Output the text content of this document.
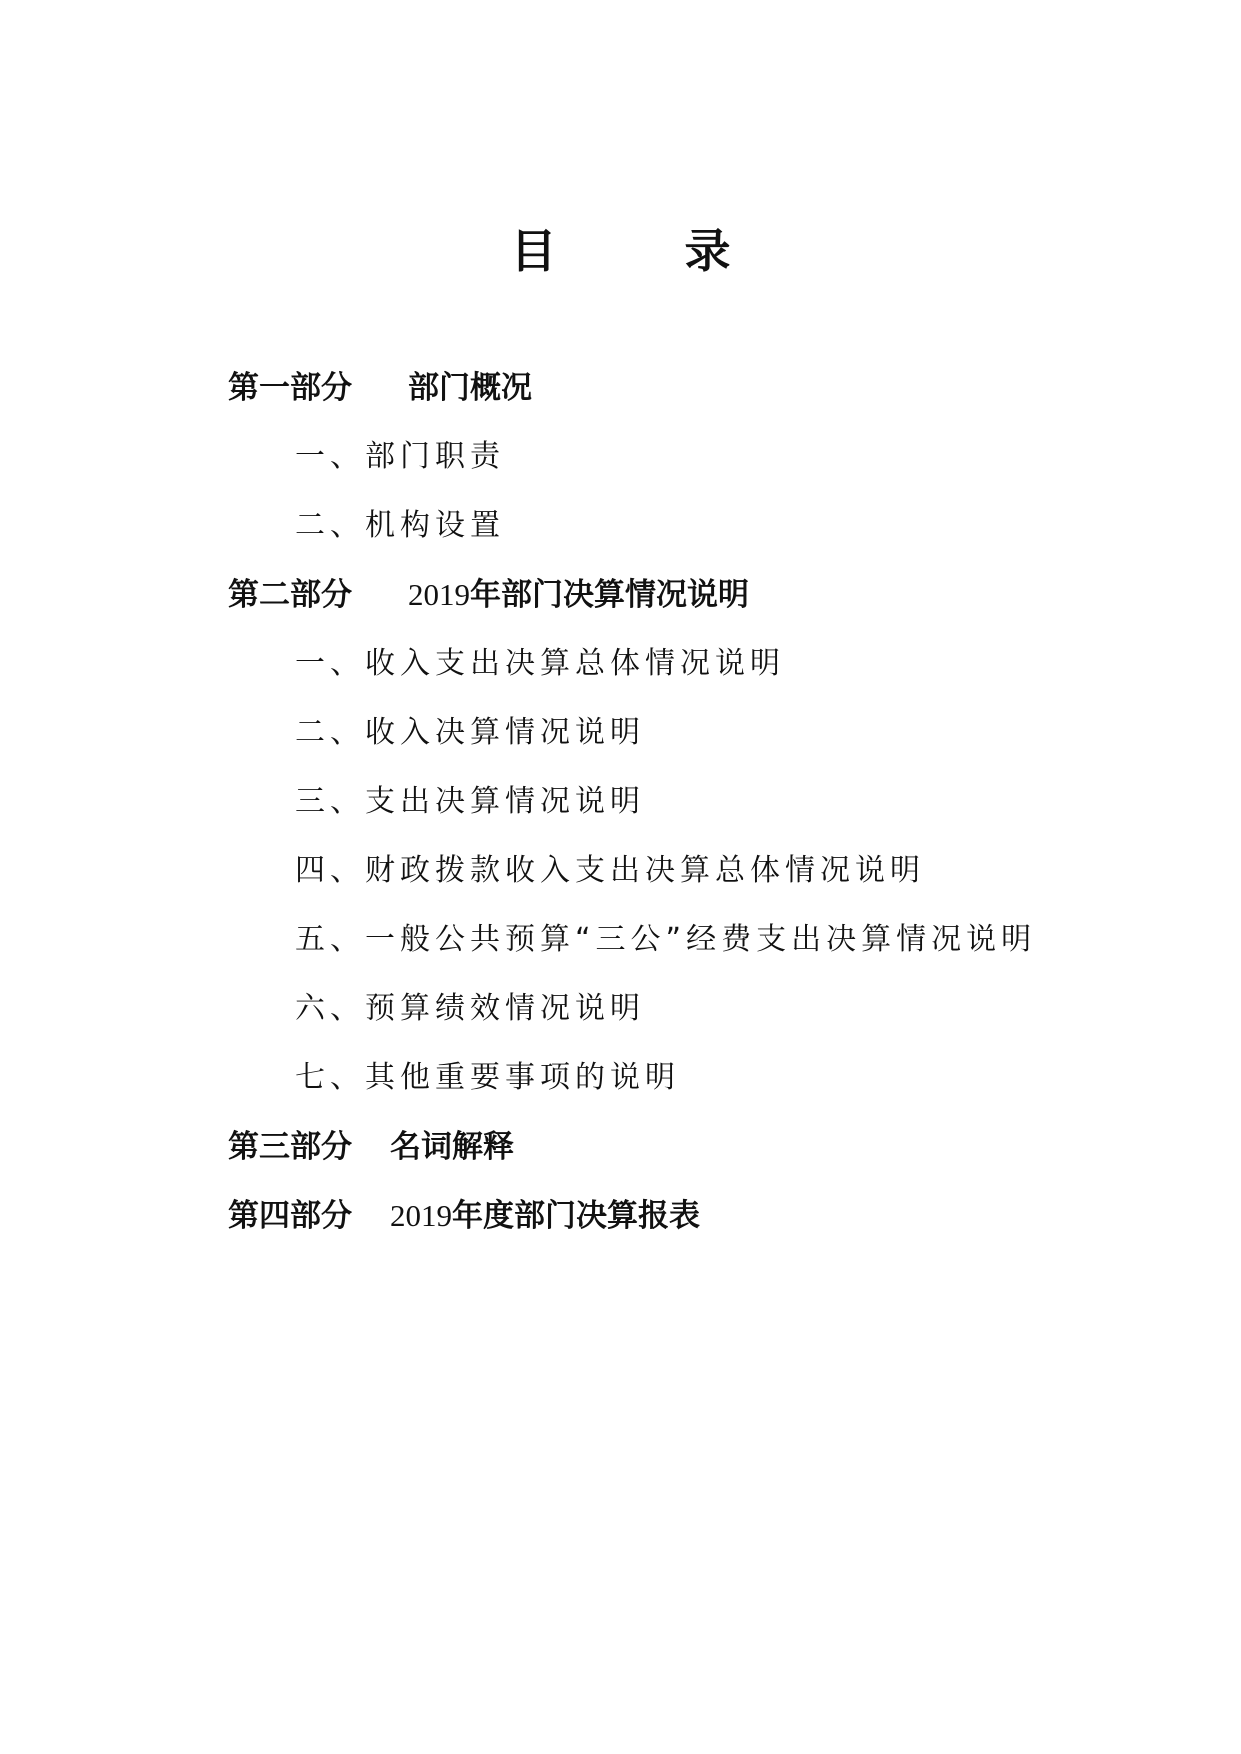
目录
第一部分 部门概况
一、部门职责
二、机构设置
第二部分 2019年部门决算情况说明
一、收入支出决算总体情况说明
二、收入决算情况说明
三、支出决算情况说明
四、财政拨款收入支出决算总体情况说明
五、一般公共预算“三公”经费支出决算情况说明
六、预算绩效情况说明
七、其他重要事项的说明
第三部分 名词解释
第四部分 2019年度部门决算报表
